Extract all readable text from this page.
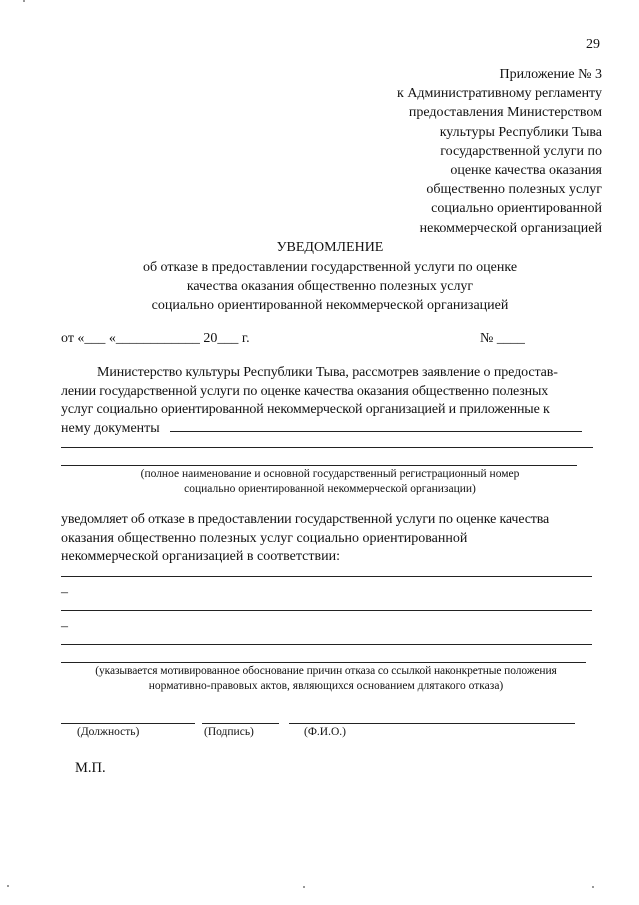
29
Приложение № 3
к Административному регламенту
предоставления Министерством
культуры Республики Тыва
государственной услуги по
оценке качества оказания
общественно полезных услуг
социально ориентированной
некоммерческой организацией
УВЕДОМЛЕНИЕ
об отказе в предоставлении государственной услуги по оценке
качества оказания общественно полезных услуг
социально ориентированной некоммерческой организацией
от «___ «____________ 20___ г.	№ ____
Министерство культуры Республики Тыва, рассмотрев заявление о предостав-
лении государственной услуги по оценке качества оказания общественно полезных
услуг социально ориентированной некоммерческой организацией и приложенные к
нему документы
(полное наименование и основной государственный регистрационный номер
социально ориентированной некоммерческой организации)
уведомляет об отказе в предоставлении государственной услуги по оценке качества
оказания общественно полезных услуг социально ориентированной
некоммерческой организацией в соответствии:
–
–
(указывается мотивированное обоснование причин отказа со ссылкой наконкретные положения
нормативно-правовых актов, являющихся основанием длятакого отказа)
(Должность)	(Подпись)	(Ф.И.О.)
М.П.
